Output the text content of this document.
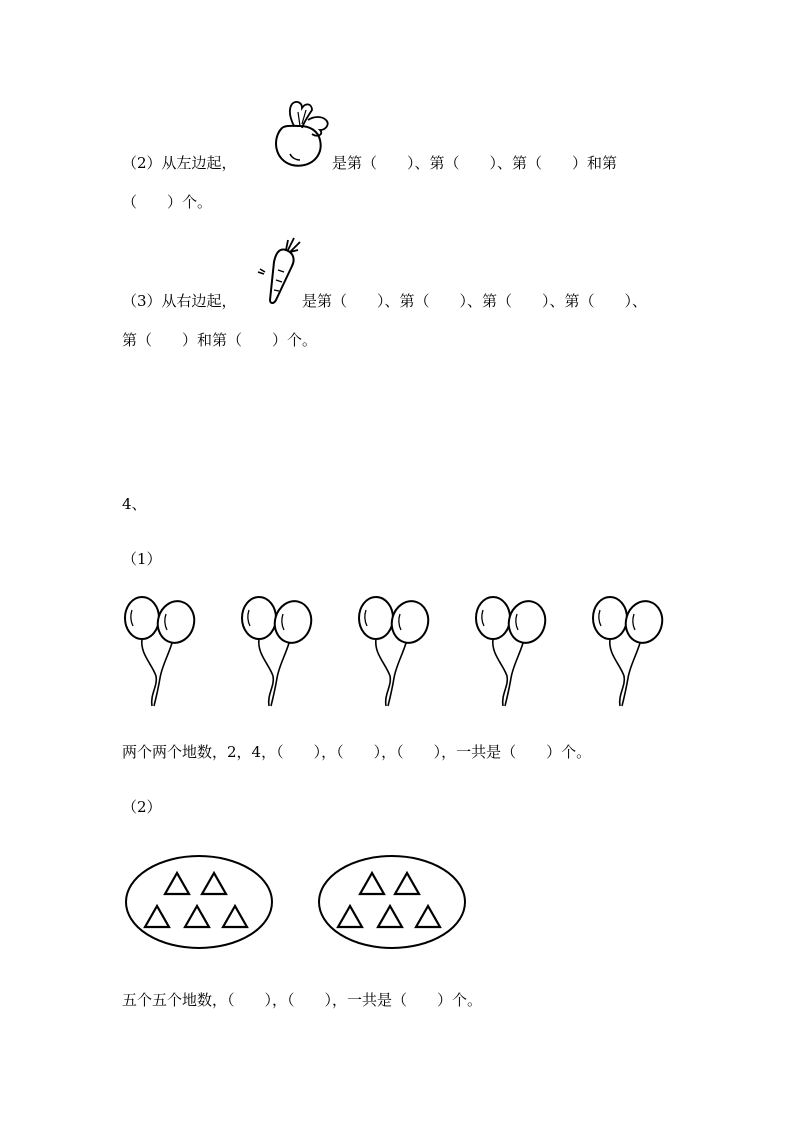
（2）从左边起，	是第（　　）、第（　　）、第（　　）和第
（　　）个。
（3）从右边起，	是第（　　）、第（　　）、第（　　）、第（　　）、
第（　　）和第（　　）个。
4、
（1）
两个两个地数，2，4，（　　），（　　），（　　），一共是（　　）个。
（2）
五个五个地数，（　　），（　　），一共是（　　）个。
